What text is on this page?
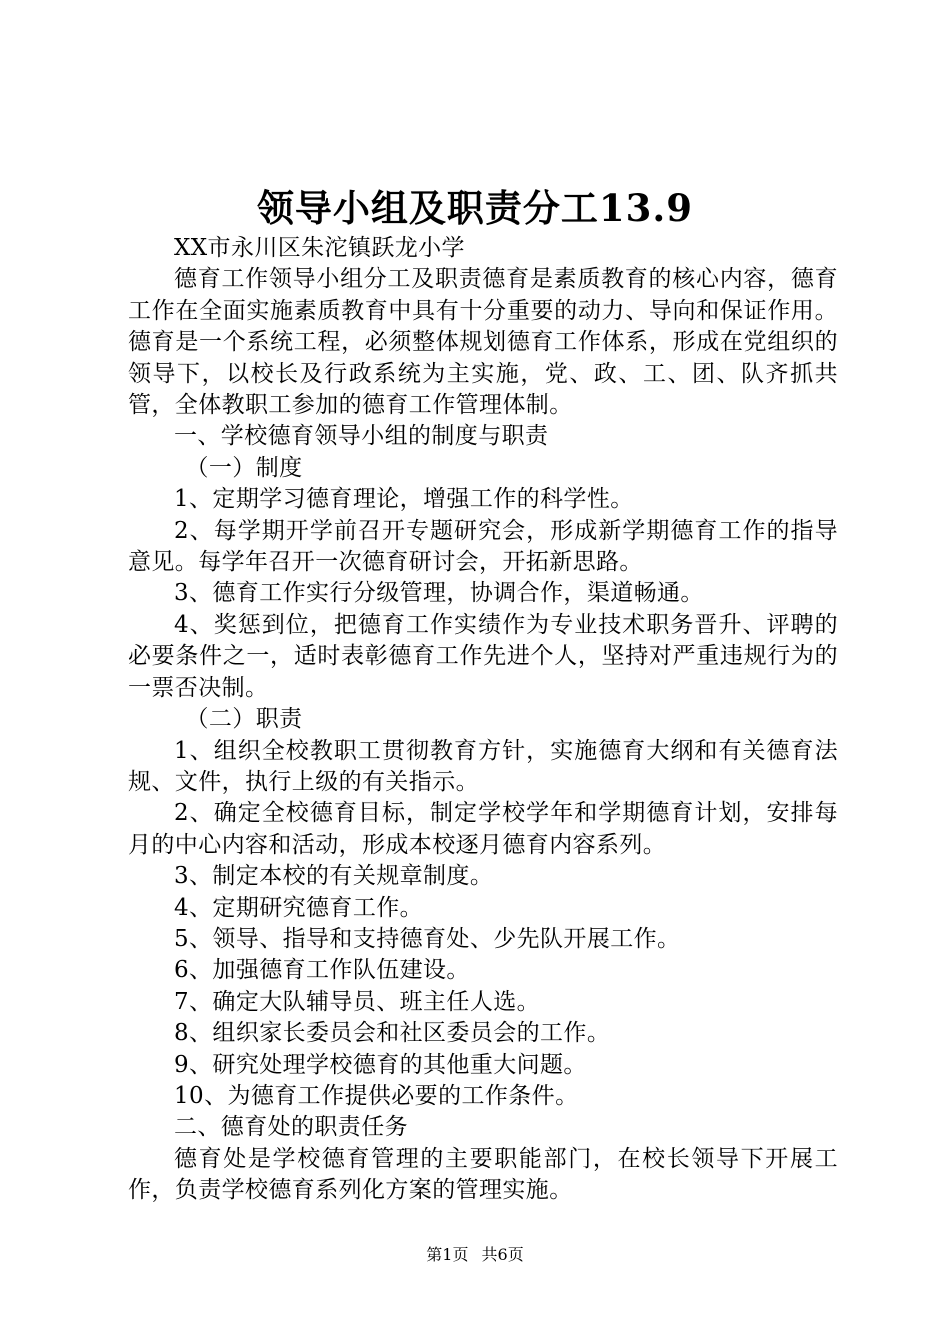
领导小组及职责分工13.9

XX市永川区朱沱镇跃龙小学

德育工作领导小组分工及职责德育是素质教育的核心内容，德育工作在全面实施素质教育中具有十分重要的动力、导向和保证作用。德育是一个系统工程，必须整体规划德育工作体系，形成在党组织的领导下，以校长及行政系统为主实施，党、政、工、团、队齐抓共管，全体教职工参加的德育工作管理体制。

一、学校德育领导小组的制度与职责

（一）制度

1、定期学习德育理论，增强工作的科学性。

2、每学期开学前召开专题研究会，形成新学期德育工作的指导意见。每学年召开一次德育研讨会，开拓新思路。

3、德育工作实行分级管理，协调合作，渠道畅通。

4、奖惩到位，把德育工作实绩作为专业技术职务晋升、评聘的必要条件之一，适时表彰德育工作先进个人，坚持对严重违规行为的一票否决制。

（二）职责

1、组织全校教职工贯彻教育方针，实施德育大纲和有关德育法规、文件，执行上级的有关指示。

2、确定全校德育目标，制定学校学年和学期德育计划，安排每月的中心内容和活动，形成本校逐月德育内容系列。

3、制定本校的有关规章制度。

4、定期研究德育工作。

5、领导、指导和支持德育处、少先队开展工作。

6、加强德育工作队伍建设。

7、确定大队辅导员、班主任人选。

8、组织家长委员会和社区委员会的工作。

9、研究处理学校德育的其他重大问题。

10、为德育工作提供必要的工作条件。

二、德育处的职责任务

德育处是学校德育管理的主要职能部门，在校长领导下开展工作，负责学校德育系列化方案的管理实施。

第1页 共6页
